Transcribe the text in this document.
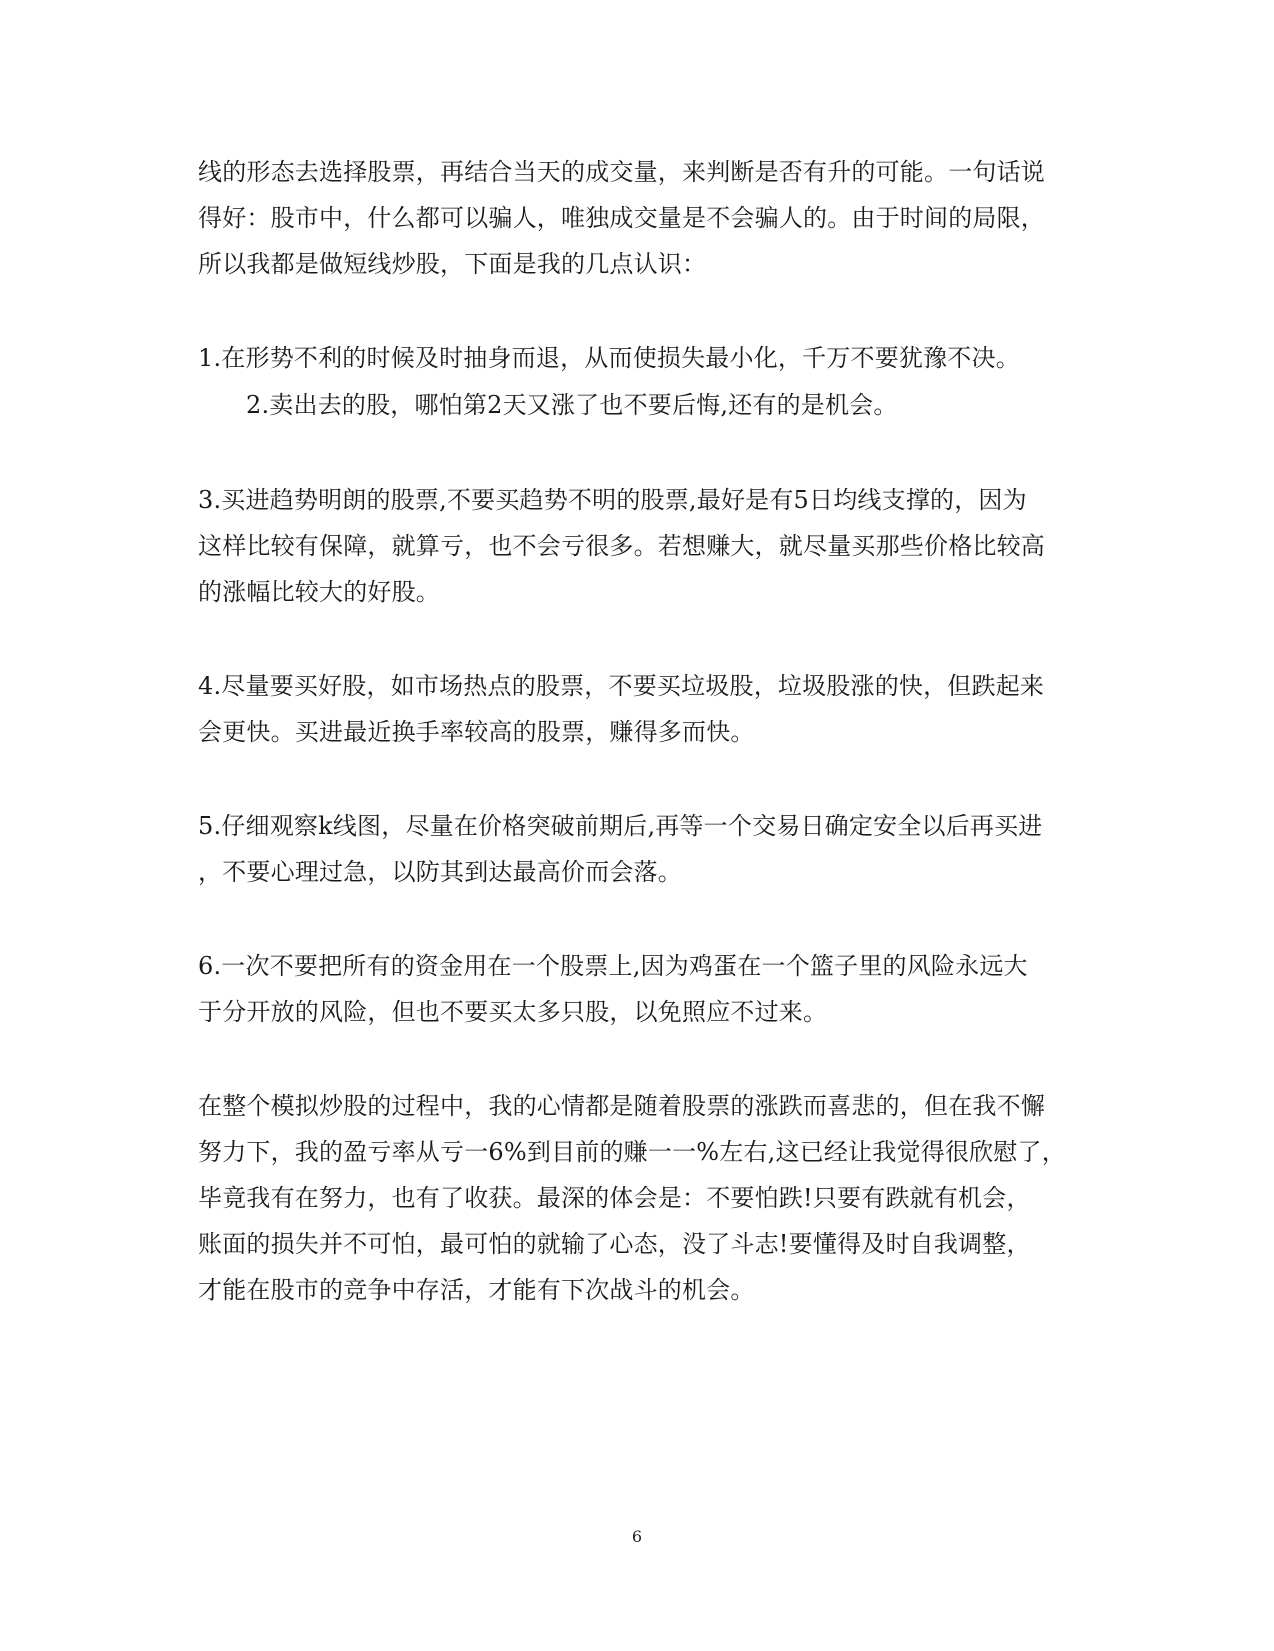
线的形态去选择股票，再结合当天的成交量，来判断是否有升的可能。一句话说
得好：股市中，什么都可以骗人，唯独成交量是不会骗人的。由于时间的局限，
所以我都是做短线炒股，下面是我的几点认识：
1.在形势不利的时候及时抽身而退，从而使损失最小化，千万不要犹豫不决。
2.卖出去的股，哪怕第2天又涨了也不要后悔,还有的是机会。
3.买进趋势明朗的股票,不要买趋势不明的股票,最好是有5日均线支撑的，因为
这样比较有保障，就算亏，也不会亏很多。若想赚大，就尽量买那些价格比较高
的涨幅比较大的好股。
4.尽量要买好股，如市场热点的股票，不要买垃圾股，垃圾股涨的快，但跌起来
会更快。买进最近换手率较高的股票，赚得多而快。
5.仔细观察k线图，尽量在价格突破前期后,再等一个交易日确定安全以后再买进
，不要心理过急，以防其到达最高价而会落。
6.一次不要把所有的资金用在一个股票上,因为鸡蛋在一个篮子里的风险永远大
于分开放的风险，但也不要买太多只股，以免照应不过来。
在整个模拟炒股的过程中，我的心情都是随着股票的涨跌而喜悲的，但在我不懈
努力下，我的盈亏率从亏一6%到目前的赚一一%左右,这已经让我觉得很欣慰了，
毕竟我有在努力，也有了收获。最深的体会是：不要怕跌!只要有跌就有机会，
账面的损失并不可怕，最可怕的就输了心态，没了斗志!要懂得及时自我调整，
才能在股市的竞争中存活，才能有下次战斗的机会。
6
